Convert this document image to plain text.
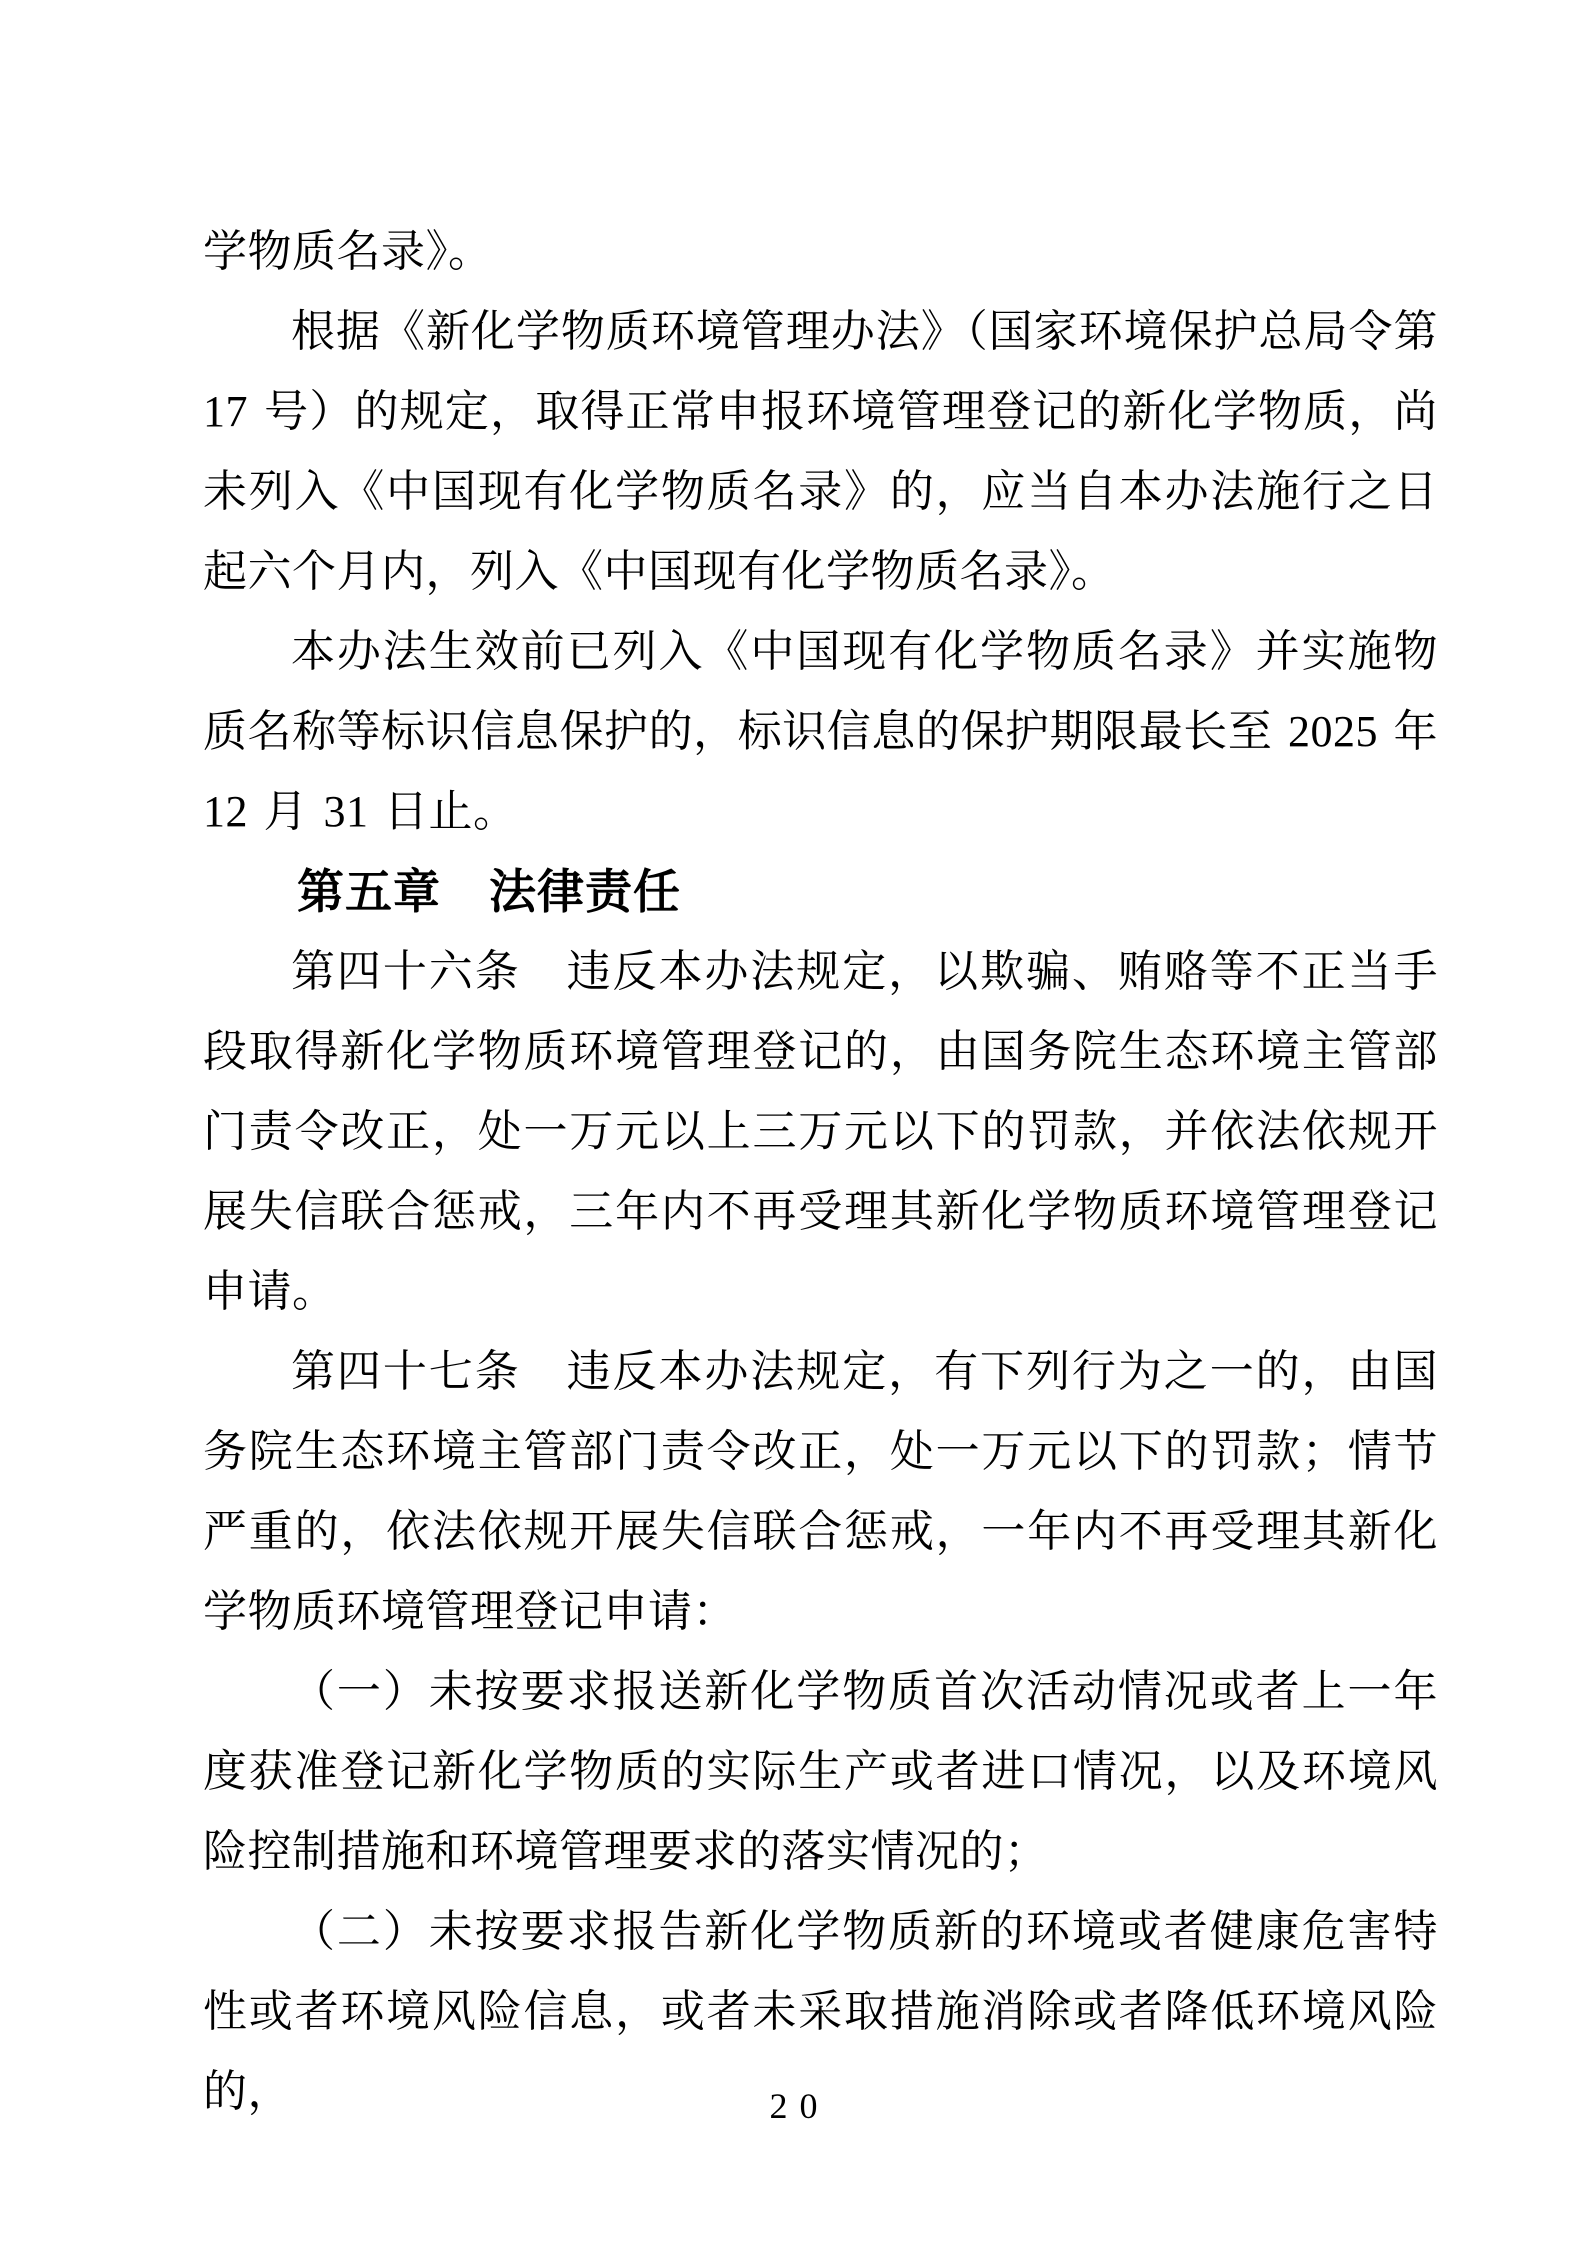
学物质名录》。

根据《新化学物质环境管理办法》（国家环境保护总局令第 17 号）的规定，取得正常申报环境管理登记的新化学物质，尚未列入《中国现有化学物质名录》的，应当自本办法施行之日起六个月内，列入《中国现有化学物质名录》。

本办法生效前已列入《中国现有化学物质名录》并实施物质名称等标识信息保护的，标识信息的保护期限最长至 2025 年 12 月 31 日止。

第五章　法律责任

第四十六条　违反本办法规定，以欺骗、贿赂等不正当手段取得新化学物质环境管理登记的，由国务院生态环境主管部门责令改正，处一万元以上三万元以下的罚款，并依法依规开展失信联合惩戒，三年内不再受理其新化学物质环境管理登记申请。

第四十七条　违反本办法规定，有下列行为之一的，由国务院生态环境主管部门责令改正，处一万元以下的罚款；情节严重的，依法依规开展失信联合惩戒，一年内不再受理其新化学物质环境管理登记申请：

（一）未按要求报送新化学物质首次活动情况或者上一年度获准登记新化学物质的实际生产或者进口情况，以及环境风险控制措施和环境管理要求的落实情况的；

（二）未按要求报告新化学物质新的环境或者健康危害特性或者环境风险信息，或者未采取措施消除或者降低环境风险的，	20
